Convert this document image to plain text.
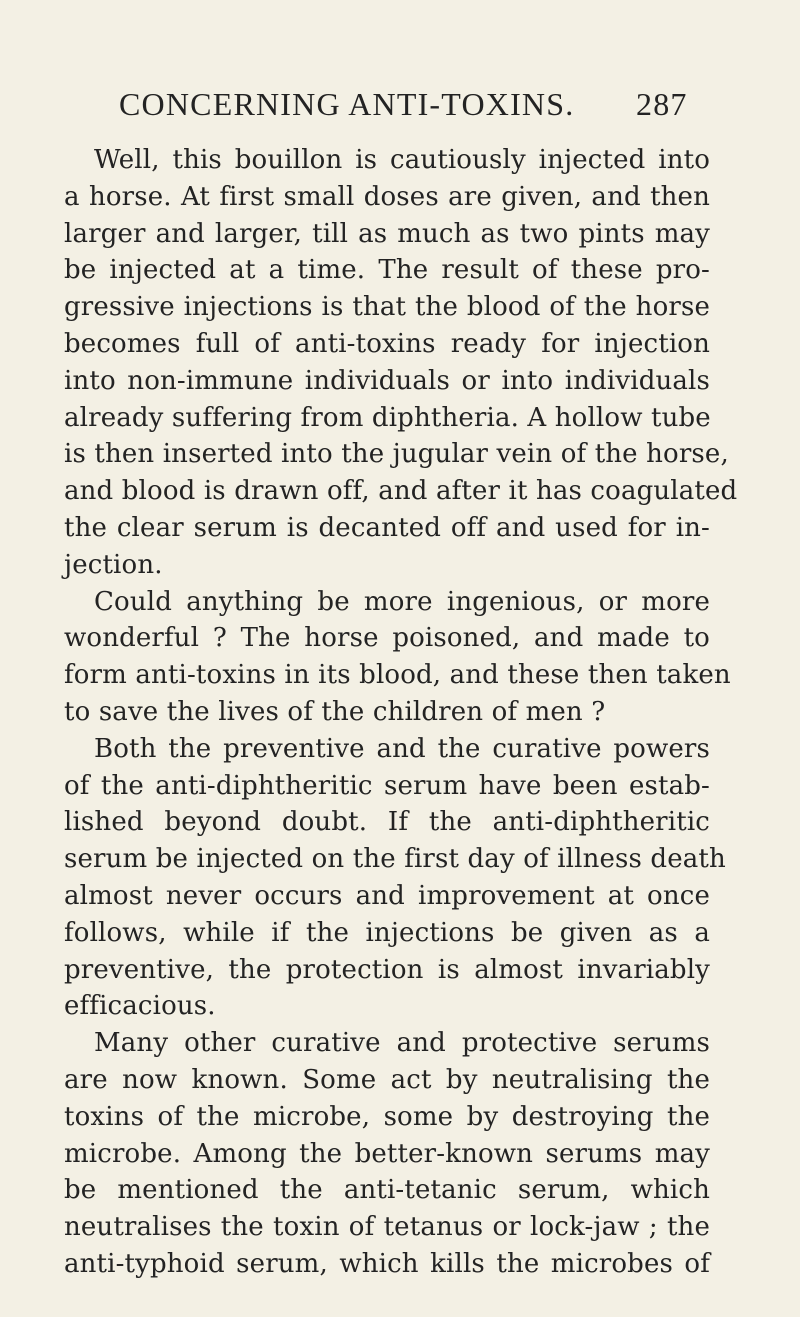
CONCERNING ANTI-TOXINS. 287
Well, this bouillon is cautiously injected into
a horse. At first small doses are given, and then
larger and larger, till as much as two pints may
be injected at a time. The result of these pro-
gressive injections is that the blood of the horse
becomes full of anti-toxins ready for injection
into non-immune individuals or into individuals
already suffering from diphtheria. A hollow tube
is then inserted into the jugular vein of the horse,
and blood is drawn off, and after it has coagulated
the clear serum is decanted off and used for in-
jection.
Could anything be more ingenious, or more
wonderful ? The horse poisoned, and made to
form anti-toxins in its blood, and these then taken
to save the lives of the children of men ?
Both the preventive and the curative powers
of the anti-diphtheritic serum have been estab-
lished beyond doubt. If the anti-diphtheritic
serum be injected on the first day of illness death
almost never occurs and improvement at once
follows, while if the injections be given as a
preventive, the protection is almost invariably
efficacious.
Many other curative and protective serums
are now known. Some act by neutralising the
toxins of the microbe, some by destroying the
microbe. Among the better-known serums may
be mentioned the anti-tetanic serum, which
neutralises the toxin of tetanus or lock-jaw ; the
anti-typhoid serum, which kills the microbes of
